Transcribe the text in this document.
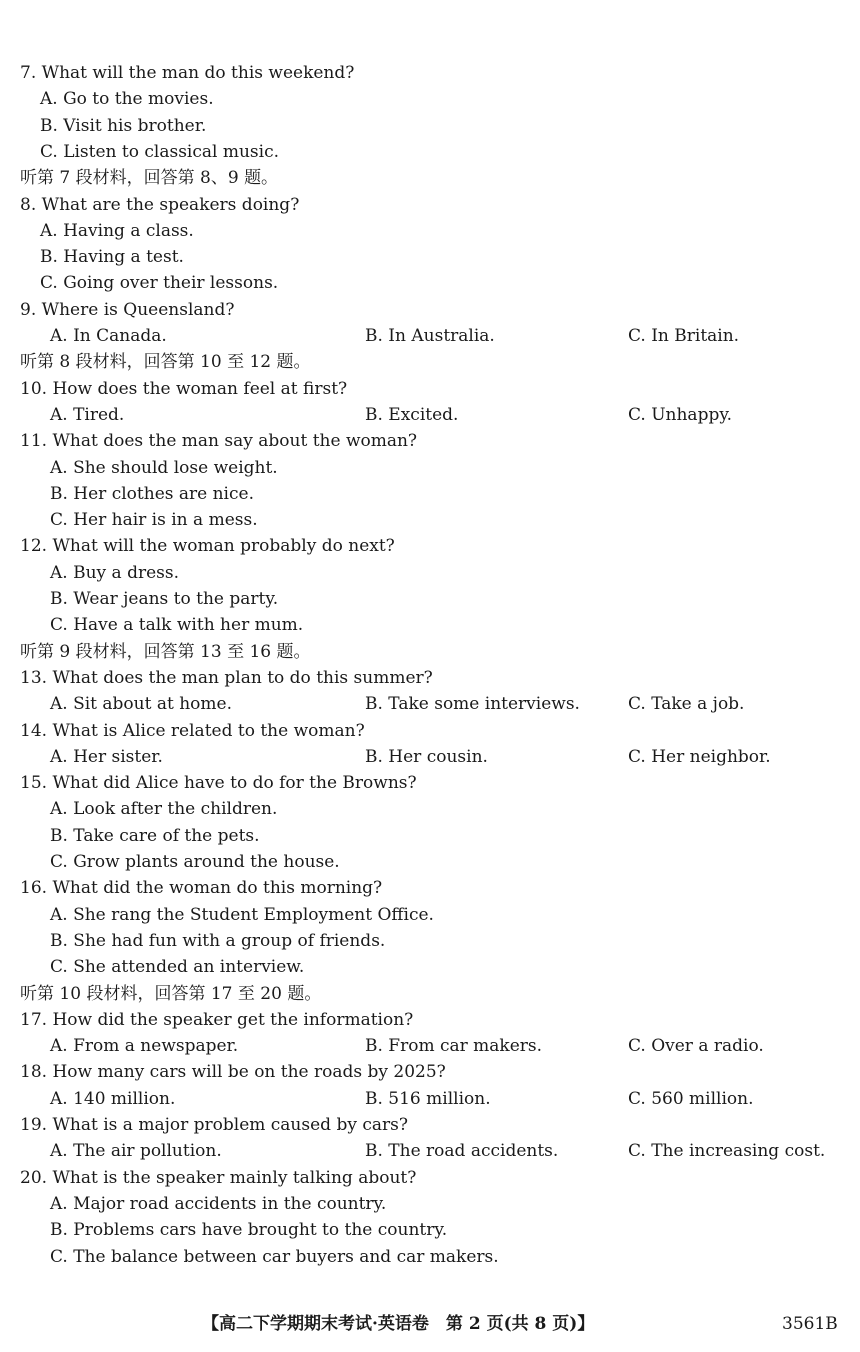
7. What will the man do this weekend?
A. Go to the movies.
B. Visit his brother.
C. Listen to classical music.
听第 7 段材料，回答第 8、9 题。
8. What are the speakers doing?
A. Having a class.
B. Having a test.
C. Going over their lessons.
9. Where is Queensland?
A. In Canada.	B. In Australia.	C. In Britain.
听第 8 段材料，回答第 10 至 12 题。
10. How does the woman feel at first?
A. Tired.	B. Excited.	C. Unhappy.
11. What does the man say about the woman?
A. She should lose weight.
B. Her clothes are nice.
C. Her hair is in a mess.
12. What will the woman probably do next?
A. Buy a dress.
B. Wear jeans to the party.
C. Have a talk with her mum.
听第 9 段材料，回答第 13 至 16 题。
13. What does the man plan to do this summer?
A. Sit about at home.	B. Take some interviews.	C. Take a job.
14. What is Alice related to the woman?
A. Her sister.	B. Her cousin.	C. Her neighbor.
15. What did Alice have to do for the Browns?
A. Look after the children.
B. Take care of the pets.
C. Grow plants around the house.
16. What did the woman do this morning?
A. She rang the Student Employment Office.
B. She had fun with a group of friends.
C. She attended an interview.
听第 10 段材料，回答第 17 至 20 题。
17. How did the speaker get the information?
A. From a newspaper.	B. From car makers.	C. Over a radio.
18. How many cars will be on the roads by 2025?
A. 140 million.	B. 516 million.	C. 560 million.
19. What is a major problem caused by cars?
A. The air pollution.	B. The road accidents.	C. The increasing cost.
20. What is the speaker mainly talking about?
A. Major road accidents in the country.
B. Problems cars have brought to the country.
C. The balance between car buyers and car makers.
【高二下学期期末考试·英语卷　第 2 页(共 8 页)】	3561B
